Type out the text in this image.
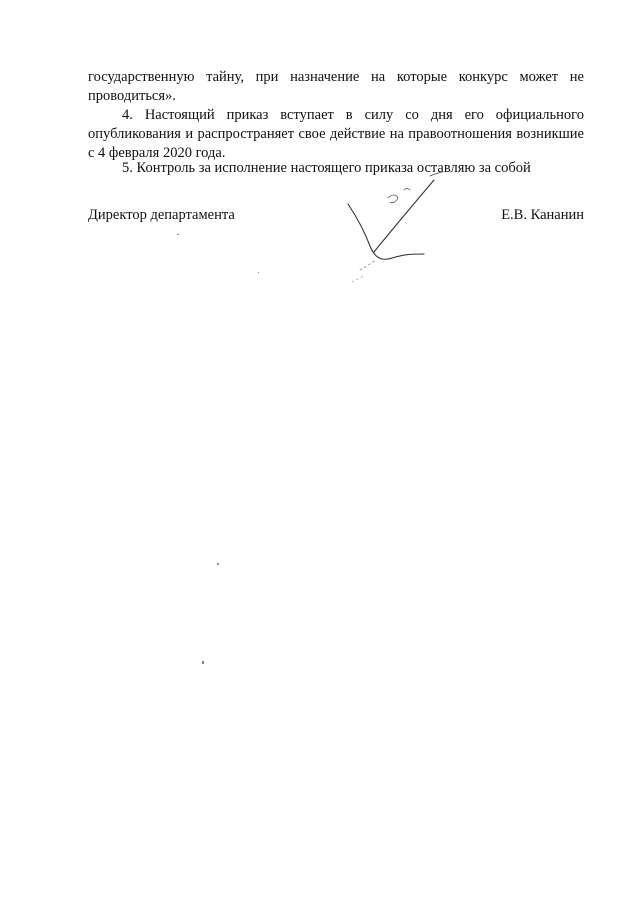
государственную тайну, при назначение на которые конкурс может не проводиться».

4. Настоящий приказ вступает в силу со дня его официального опубликования и распространяет свое действие на правоотношения возникшие с 4 февраля 2020 года.

5. Контроль за исполнение настоящего приказа оставляю за собой

Директор департамента	Е.В. Кананин
